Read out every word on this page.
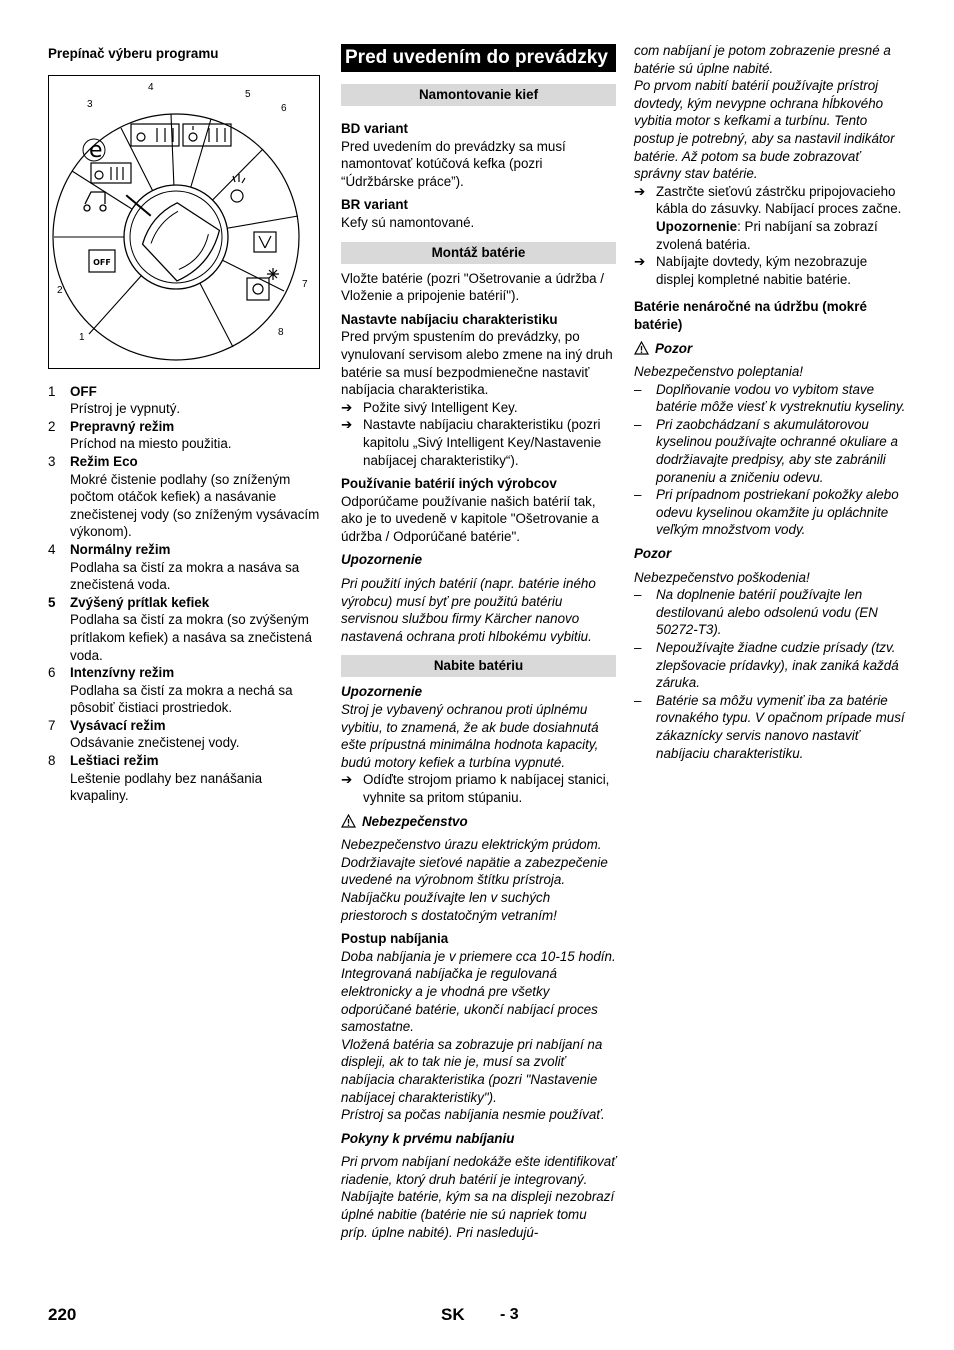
Prepínač výberu programu

OFF
e
1
2
3
4
5
6
7
8
1	OFF
Prístroj je vypnutý.
2	Prepravný režim
Príchod na miesto použitia.
3	Režim Eco
Mokré čistenie podlahy (so zníženým počtom otáčok kefiek) a nasávanie znečistenej vody (so zníženým vysávacím výkonom).
4	Normálny režim
Podlaha sa čistí za mokra a nasáva sa znečistená voda.
5	Zvýšený prítlak kefiek
Podlaha sa čistí za mokra (so zvýšeným prítlakom kefiek) a nasáva sa znečistená voda.
6	Intenzívny režim
Podlaha sa čistí za mokra a nechá sa pôsobiť čistiaci prostriedok.
7	Vysávací režim
Odsávanie znečistenej vody.
8	Leštiaci režim
Leštenie podlahy bez nanášania kvapaliny.
Pred uvedením do prevádzky
Namontovanie kief

BD variant

Pred uvedením do prevádzky sa musí namontovať kotúčová kefka (pozri “Údržbárske práce”).

BR variant

Kefy sú namontované.

Montáž batérie

Vložte batérie (pozri "Ošetrovanie a údržba / Vloženie a pripojenie batérií").

Nastavte nabíjaciu charakteristiku

Pred prvým spustením do prevádzky, po vynulovaní servisom alebo zmene na iný druh batérie sa musí bezpodmienečne nastaviť nabíjacia charakteristika.

➔ Požite sivý Intelligent Key.
➔ Nastavte nabíjaciu charakteristiku (pozri kapitolu „Sivý Intelligent Key/Nastavenie nabíjacej charakteristiky“).

Používanie batérií iných výrobcov

Odporúčame používanie našich batérií tak, ako je to uvedeně v kapitole "Ošetrovanie a údržba / Odporúčané batérie".

Upozornenie

Pri použití iných batérií (napr. batérie iného výrobcu) musí byť pre použitú batériu servisnou službou firmy Kärcher nanovo nastavená ochrana proti hlbokému vybitiu.

Nabite batériu

Upozornenie

Stroj je vybavený ochranou proti úplnému vybitiu, to znamená, že ak bude dosiahnutá ešte prípustná minimálna hodnota kapacity, budú motory kefiek a turbína vypnuté.

➔ Odíďte strojom priamo k nabíjacej stanici, vyhnite sa pritom stúpaniu.
Nebezpečenstvo

Nebezpečenstvo úrazu elektrickým prúdom. Dodržiavajte sieťové napätie a zabezpečenie uvedené na výrobnom štítku prístroja.

Nabíjačku používajte len v suchých priestoroch s dostatočným vetraním!

Postup nabíjania

Doba nabíjania je v priemere cca 10-15 hodín.

Integrovaná nabíjačka je regulovaná elektronicky a je vhodná pre všetky odporúčané batérie, ukončí nabíjací proces samostatne.

Vložená batéria sa zobrazuje pri nabíjaní na displeji, ak to tak nie je, musí sa zvoliť nabíjacia charakteristika (pozri "Nastavenie nabíjacej charakteristiky").

Prístroj sa počas nabíjania nesmie používať.

Pokyny k prvému nabíjaniu

Pri prvom nabíjaní nedokáže ešte identifikovať riadenie, ktorý druh batérií je integrovaný. Nabíjajte batérie, kým sa na displeji nezobrazí úplné nabitie (batérie nie sú napriek tomu príp. úplne nabité). Pri nasledujú-

com nabíjaní je potom zobrazenie presné a batérie sú úplne nabité.

Po prvom nabití batérií používajte prístroj dovtedy, kým nevypne ochrana hĺbkového vybitia motor s kefkami a turbínu. Tento postup je potrebný, aby sa nastavil indikátor batérie. Až potom sa bude zobrazovať správny stav batérie.

➔ Zastrčte sieťovú zástrčku pripojovacieho kábla do zásuvky. Nabíjací proces začne.
Upozornenie: Pri nabíjaní sa zobrazí zvolená batéria.
➔ Nabíjajte dovtedy, kým nezobrazuje displej kompletné nabitie batérie.

Batérie nenáročné na údržbu (mokré batérie)

Pozor

Nebezpečenstvo poleptania!

–	Doplňovanie vodou vo vybitom stave batérie môže viesť k vystreknutiu kyseliny.
–	Pri zaobchádzaní s akumulátorovou kyselinou používajte ochranné okuliare a dodržiavajte predpisy, aby ste zabránili poraneniu a zničeniu odevu.
–	Pri prípadnom postriekaní pokožky alebo odevu kyselinou okamžite ju opláchnite veľkým množstvom vody.

Pozor

Nebezpečenstvo poškodenia!

–	Na doplnenie batérií používajte len destilovanú alebo odsolenú vodu (EN 50272-T3).
–	Nepoužívajte žiadne cudzie prísady (tzv. zlepšovacie prídavky), inak zaniká každá záruka.
–	Batérie sa môžu vymeniť iba za batérie rovnakého typu. V opačnom prípade musí zákaznícky servis nanovo nastaviť nabíjaciu charakteristiku.
220	SK - 3
